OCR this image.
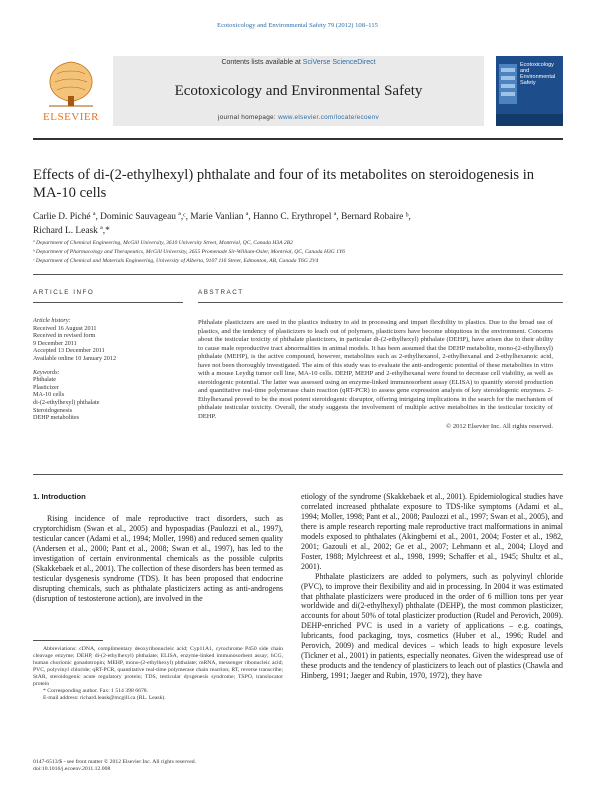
Ecotoxicology and Environmental Safety 79 (2012) 108–115
ELSEVIER
Contents lists available at SciVerse ScienceDirect
Ecotoxicology and Environmental Safety
journal homepage: www.elsevier.com/locate/ecoenv
Ecotoxicology and Environmental Safety
Effects of di-(2-ethylhexyl) phthalate and four of its metabolites on steroidogenesis in MA-10 cells
Carlie D. Piché ª, Dominic Sauvageau ª,ᶜ, Marie Vanlian ª, Hanno C. Erythropel ª, Bernard Robaire ᵇ,
Richard L. Leask ª,*
ª Department of Chemical Engineering, McGill University, 3610 University Street, Montréal, QC, Canada H3A 2B2
ᵇ Department of Pharmacology and Therapeutics, McGill University, 3655 Promenade Sir-William-Osler, Montréal, QC, Canada H3G 1Y6
ᶜ Department of Chemical and Materials Engineering, University of Alberta, 9107 116 Street, Edmonton, AB, Canada T6G 2V4
ARTICLE INFO
Article history:
Received 16 August 2011
Received in revised form
9 December 2011
Accepted 13 December 2011
Available online 10 January 2012
Keywords:
Phthalate
Plasticizer
MA-10 cells
di-(2-ethylhexyl) phthalate
Steroidogenesis
DEHP metabolites
ABSTRACT

Phthalate plasticizers are used in the plastics industry to aid in processing and impart flexibility to plastics. Due to the broad use of plastics, and the tendency of plasticizers to leach out of polymers, plasticizers have become ubiquitous in the environment. Concerns about the testicular toxicity of phthalate plasticizers, in particular di-(2-ethylhexyl) phthalate (DEHP), have arisen due to their ability to cause male reproductive tract abnormalities in animal models. It has been assumed that the DEHP metabolite, mono-(2-ethylhexyl) phthalate (MEHP), is the active compound, however, metabolites such as 2-ethylhexanol, 2-ethylhexanal and 2-ethylhexanoic acid, have not been thoroughly investigated. The aim of this study was to evaluate the anti-androgenic potential of these metabolites in vitro with a mouse Leydig tumor cell line, MA-10 cells. DEHP, MEHP and 2-ethylhexanal were found to decrease cell viability, as well as steroidogenic potential. The latter was assessed using an enzyme-linked immunosorbent assay (ELISA) to quantify steroid production and quantitative real-time polymerase chain reaction (qRT-PCR) to assess gene expression analysis of key steroidogenic enzymes. 2-Ethylhexanal proved to be the most potent steroidogenic disruptor, offering intriguing implications in the search for the mechanism of phthalate testicular toxicity. Overall, the study suggests the involvement of multiple active metabolites in the testicular toxicity of DEHP.

© 2012 Elsevier Inc. All rights reserved.

1. Introduction

Rising incidence of male reproductive tract disorders, such as cryptorchidism (Swan et al., 2005) and hypospadias (Paulozzi et al., 1997), testicular cancer (Adami et al., 1994; Moller, 1998) and reduced semen quality (Andersen et al., 2000; Pant et al., 2008; Swan et al., 1997), has led to the investigation of certain environmental chemicals as the possible culprits (Skakkebaek et al., 2001). The collection of these disorders has been termed as testicular dysgenesis syndrome (TDS). It has been proposed that endocrine disrupting chemicals, such as phthalate plasticizers acting as anti-androgens (disruption of testosterone action), are involved in the

etiology of the syndrome (Skakkebaek et al., 2001). Epidemiological studies have correlated increased phthalate exposure to TDS-like symptoms (Adami et al., 1994; Moller, 1998; Pant et al., 2008; Paulozzi et al., 1997; Swan et al., 2005), and there is ample research reporting male reproductive tract malformations in animal models exposed to phthalates (Akingbemi et al., 2001, 2004; Foster et al., 1982, 2001; Gazouli et al., 2002; Ge et al., 2007; Lehmann et al., 2004; Lloyd and Foster, 1988; Mylchreest et al., 1998, 1999; Schaffer et al., 1945; Shultz et al., 2001).

Phthalate plasticizers are added to polymers, such as polyvinyl chloride (PVC), to improve their flexibility and aid in processing. In 2004 it was estimated that phthalate plasticizers were produced in the order of 6 million tons per year worldwide and di(2-ethylhexyl) phthalate (DEHP), the most common plasticizer, accounts for about 50% of total plasticizer production (Rudel and Perovich, 2009). DEHP-enriched PVC is used in a variety of applications – e.g. coatings, lubricants, food packaging, toys, cosmetics (Huber et al., 1996; Rudel and Perovich, 2009) and medical devices – which leads to high exposure levels (Tickner et al., 2001) in patients, especially neonates. Given the widespread use of these products and the tendency of plasticizers to leach out of plastics (Chawla and Hinberg, 1991; Jaeger and Rubin, 1970, 1972), they have

Abbreviations: cDNA, complimentary deoxyribonucleic acid; Cyp11A1, cytochrome P450 side chain cleavage enzyme; DEHP, di-(2-ethylhexyl) phthalate; ELISA, enzyme-linked immunosorbent assay; hCG, human chorionic gonadotropin; MEHP, mono-(2-ethylhexyl) phthalate; mRNA, messenger ribonucleic acid; PVC, polyvinyl chloride; qRT-PCR, quantitative real-time polymerase chain reaction; RT, reverse transcribe; StAR, steroidogenic acute regulatory protein; TDS, testicular dysgenesis syndrome; TSPO, translocator protein

* Corresponding author. Fax: 1 514 398 6678.

E-mail address: richard.leask@mcgill.ca (RL. Leask).

0147-6513/$ - see front matter © 2012 Elsevier Inc. All rights reserved.
doi:10.1016/j.ecoenv.2011.12.008
